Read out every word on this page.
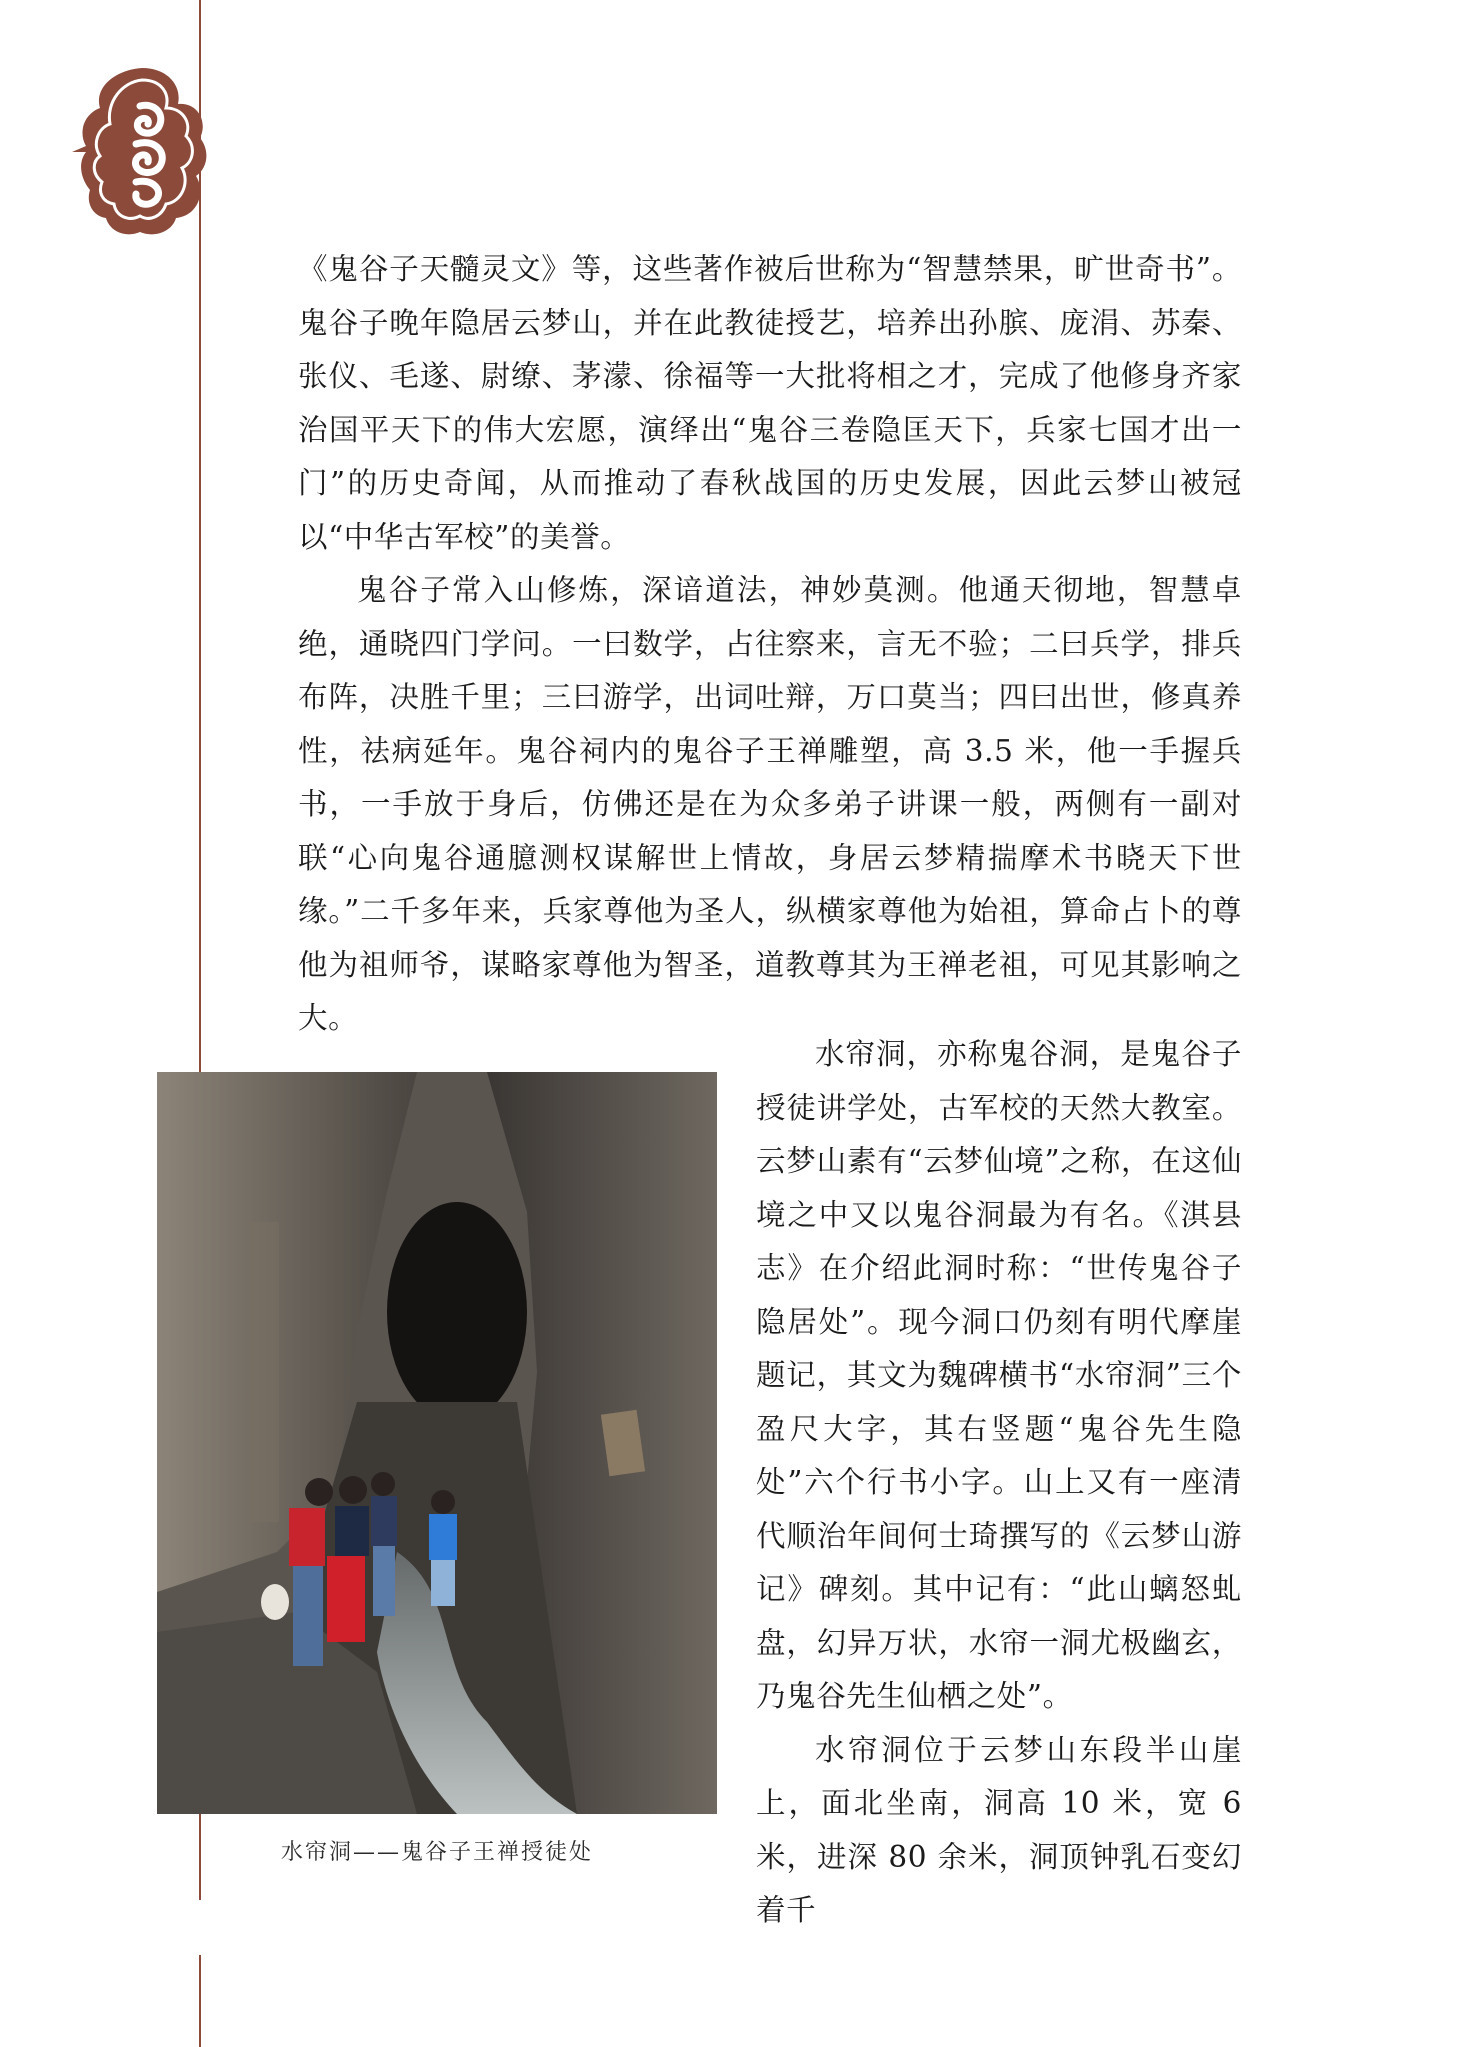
《鬼谷子天髓灵文》等，这些著作被后世称为“智慧禁果，旷世奇书”。鬼谷子晚年隐居云梦山，并在此教徒授艺，培养出孙膑、庞涓、苏秦、张仪、毛遂、尉缭、茅濛、徐福等一大批将相之才，完成了他修身齐家治国平天下的伟大宏愿，演绎出“鬼谷三卷隐匡天下，兵家七国才出一门”的历史奇闻，从而推动了春秋战国的历史发展，因此云梦山被冠以“中华古军校”的美誉。

鬼谷子常入山修炼，深谙道法，神妙莫测。他通天彻地，智慧卓绝，通晓四门学问。一曰数学，占往察来，言无不验；二曰兵学，排兵布阵，决胜千里；三曰游学，出词吐辩，万口莫当；四曰出世，修真养性，祛病延年。鬼谷祠内的鬼谷子王禅雕塑，高 3.5 米，他一手握兵书，一手放于身后，仿佛还是在为众多弟子讲课一般，两侧有一副对联“心向鬼谷通臆测权谋解世上情故，身居云梦精揣摩术书晓天下世缘。”二千多年来，兵家尊他为圣人，纵横家尊他为始祖，算命占卜的尊他为祖师爷，谋略家尊他为智圣，道教尊其为王禅老祖，可见其影响之大。

水帘洞——鬼谷子王禅授徒处

水帘洞，亦称鬼谷洞，是鬼谷子授徒讲学处，古军校的天然大教室。云梦山素有“云梦仙境”之称，在这仙境之中又以鬼谷洞最为有名。《淇县志》在介绍此洞时称：“世传鬼谷子隐居处”。现今洞口仍刻有明代摩崖题记，其文为魏碑横书“水帘洞”三个盈尺大字，其右竖题“鬼谷先生隐处”六个行书小字。山上又有一座清代顺治年间何士琦撰写的《云梦山游记》碑刻。其中记有：“此山螭怒虬盘，幻异万状，水帘一洞尤极幽玄，乃鬼谷先生仙栖之处”。

水帘洞位于云梦山东段半山崖上，面北坐南，洞高 10 米，宽 6 米，进深 80 余米，洞顶钟乳石变幻着千
